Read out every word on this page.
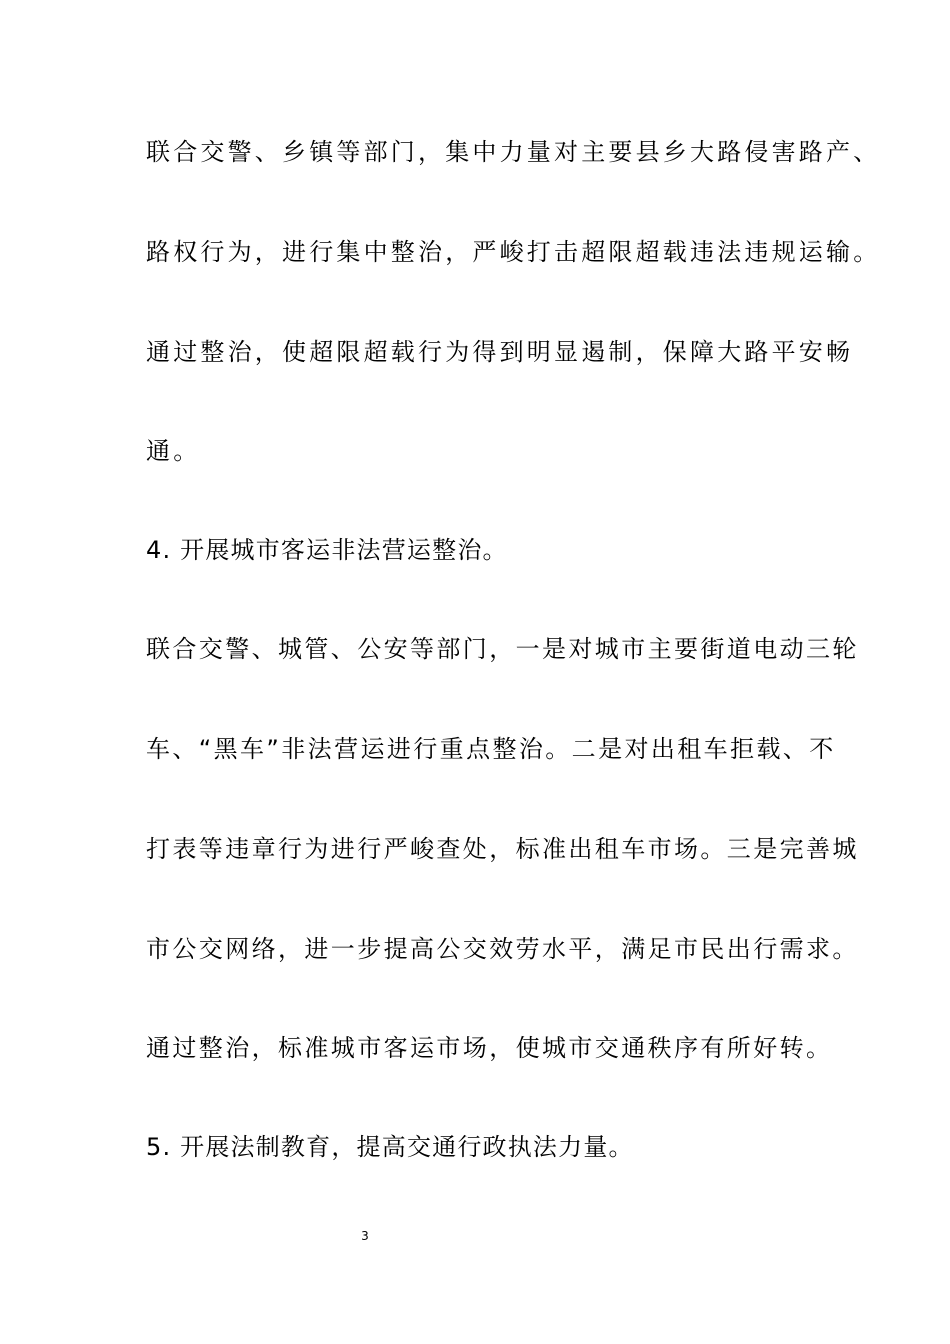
联合交警、乡镇等部门，集中力量对主要县乡大路侵害路产、
路权行为，进行集中整治，严峻打击超限超载违法违规运输。
通过整治，使超限超载行为得到明显遏制，保障大路平安畅
通。
4. 开展城市客运非法营运整治。
联合交警、城管、公安等部门，一是对城市主要街道电动三轮
车、“黑车”非法营运进行重点整治。二是对出租车拒载、不
打表等违章行为进行严峻查处，标准出租车市场。三是完善城
市公交网络，进一步提高公交效劳水平，满足市民出行需求。
通过整治，标准城市客运市场，使城市交通秩序有所好转。
5. 开展法制教育，提高交通行政执法力量。
3
